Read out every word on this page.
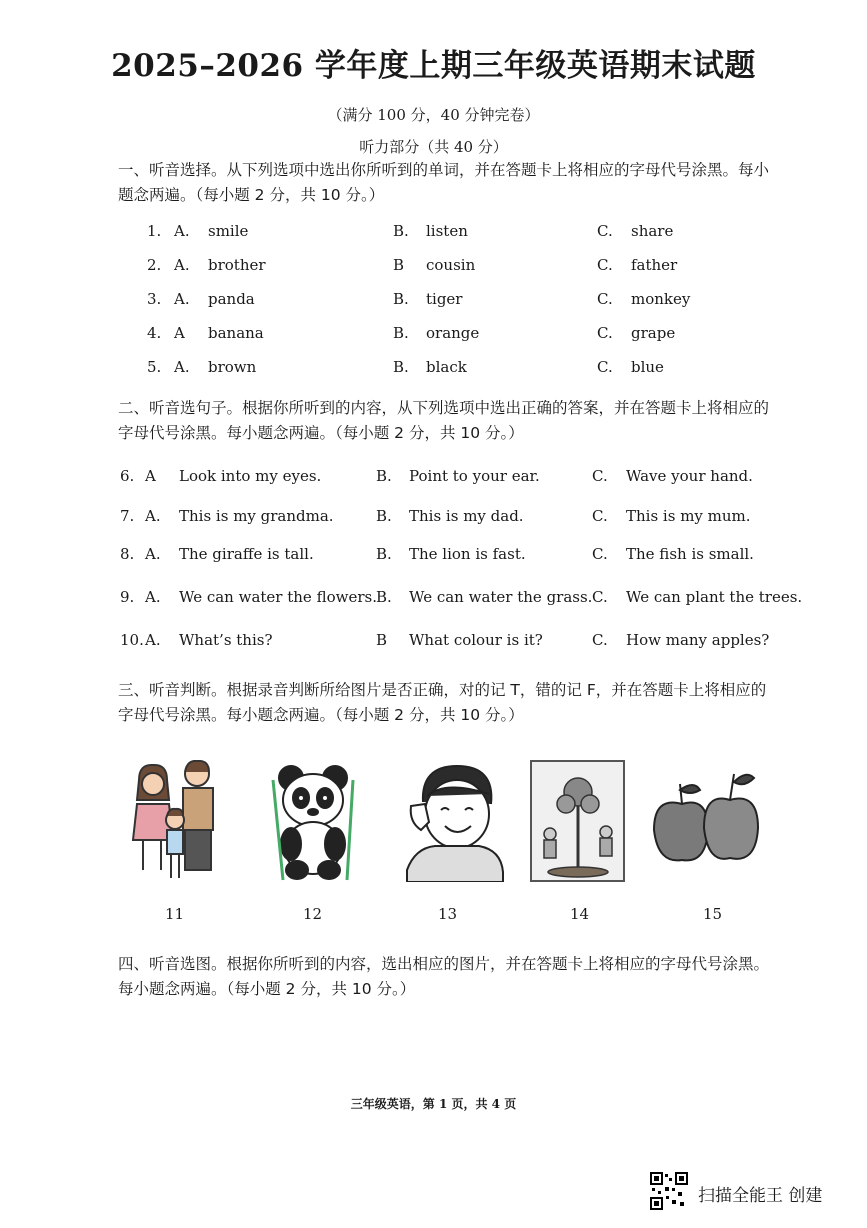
2025–2026 学年度上期三年级英语期末试题
（满分 100 分，40 分钟完卷）
听力部分（共 40 分）
一、听音选择。从下列选项中选出你所听到的单词，并在答题卡上将相应的字母代号涂黑。每小题念两遍。（每小题 2 分，共 10 分。）
1. A. smile	B. listen	C. share
2. A. brother	B cousin	C. father
3. A. panda	B. tiger	C. monkey
4. A banana	B. orange	C. grape
5. A. brown	B. black	C. blue
二、听音选句子。根据你所听到的内容，从下列选项中选出正确的答案，并在答题卡上将相应的字母代号涂黑。每小题念两遍。（每小题 2 分，共 10 分。）
6. A Look into my eyes.	B. Point to your ear.	C. Wave your hand.
7. A. This is my grandma.	B. This is my dad.	C. This is my mum.
8. A. The giraffe is tall.	B. The lion is fast.	C. The fish is small.
9. A. We can water the flowers. B. We can water the grass. C. We can plant the trees.
10. A. What’s this?	B What colour is it?	C. How many apples?
三、听音判断。根据录音判断所给图片是否正确，对的记 T，错的记 F，并在答题卡上将相应的字母代号涂黑。每小题念两遍。（每小题 2 分，共 10 分。）
11	12	13	14	15
四、听音选图。根据你所听到的内容，选出相应的图片，并在答题卡上将相应的字母代号涂黑。每小题念两遍。（每小题 2 分，共 10 分。）
三年级英语，第 1 页，共 4 页
扫描全能王 创建
